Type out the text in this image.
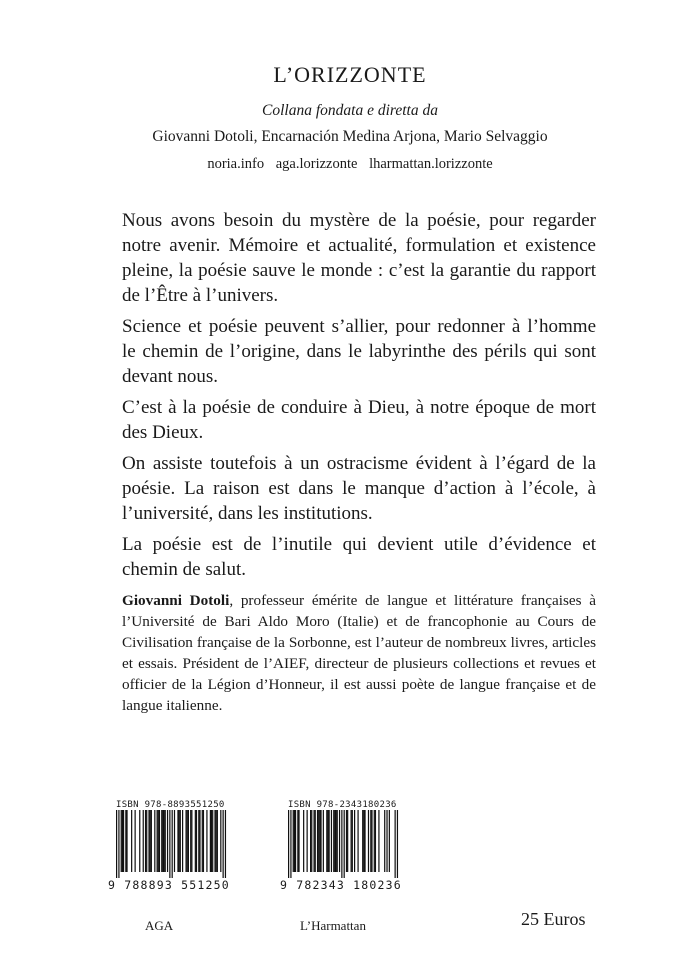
L’ORIZZONTE
Collana fondata e diretta da
Giovanni Dotoli, Encarnación Medina Arjona, Mario Selvaggio
noria.info aga.lorizzonte lharmattan.lorizzonte

Nous avons besoin du mystère de la poésie, pour regarder notre avenir. Mémoire et actualité, formulation et existence pleine, la poésie sauve le monde : c’est la garantie du rapport de l’Être à l’univers.

Science et poésie peuvent s’allier, pour redonner à l’homme le chemin de l’origine, dans le labyrinthe des périls qui sont devant nous.

C’est à la poésie de conduire à Dieu, à notre époque de mort des Dieux.

On assiste toutefois à un ostracisme évident à l’égard de la poésie. La raison est dans le manque d’action à l’école, à l’université, dans les institutions.

La poésie est de l’inutile qui devient utile d’évidence et chemin de salut.

Giovanni Dotoli, professeur émérite de langue et littérature françaises à l’Université de Bari Aldo Moro (Italie) et de francophonie au Cours de Civilisation française de la Sorbonne, est l’auteur de nombreux livres, articles et essais. Président de l’AIEF, directeur de plusieurs collections et revues et officier de la Légion d’Honneur, il est aussi poète de langue française et de langue italienne.
ISBN 978-8893551250
9 788893 551250
AGA
ISBN 978-2343180236
9 782343 180236
L’Harmattan	25 Euros
